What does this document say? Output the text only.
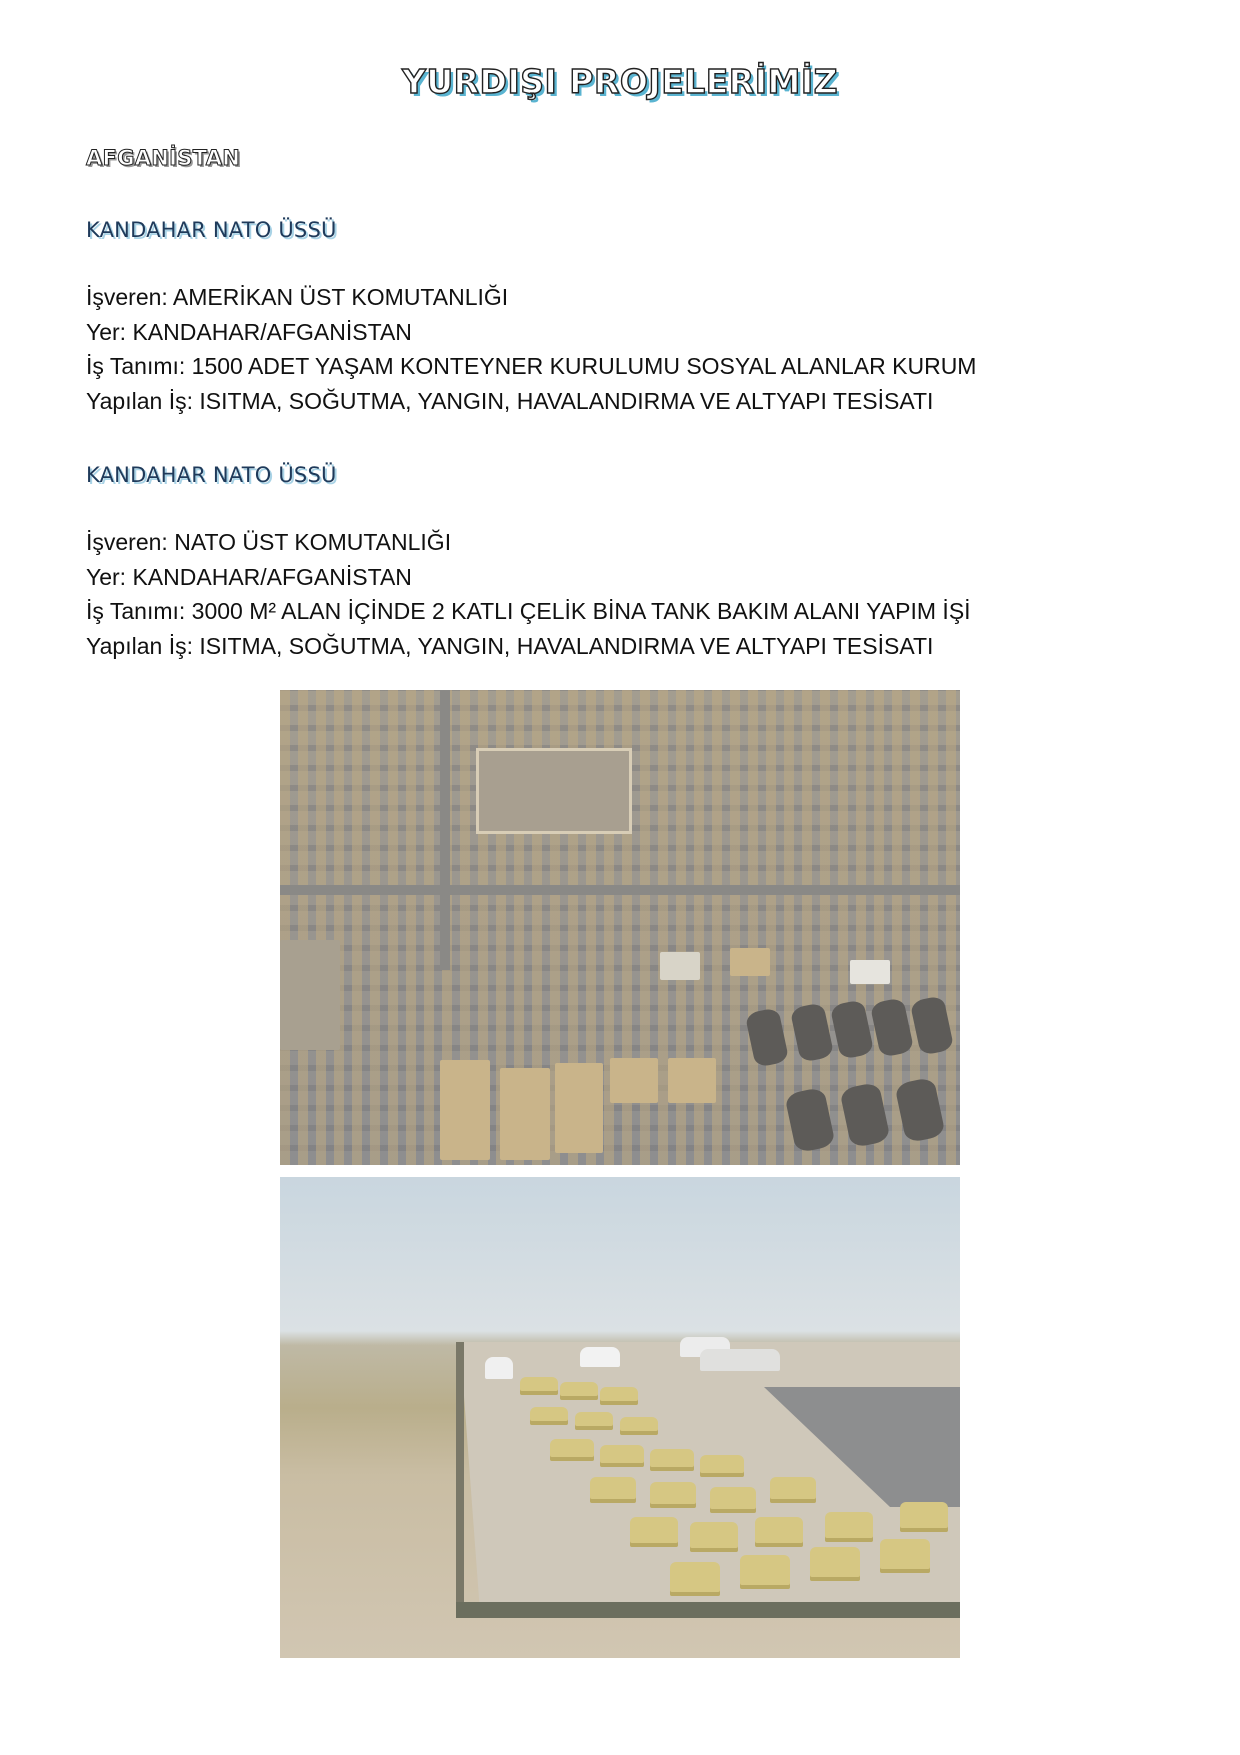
YURDIŞI PROJELERİMİZ
AFGANİSTAN
KANDAHAR NATO ÜSSÜ
İşveren: AMERİKAN ÜST KOMUTANLIĞI
Yer: KANDAHAR/AFGANİSTAN
İş Tanımı: 1500 ADET YAŞAM KONTEYNER KURULUMU SOSYAL ALANLAR KURUM
Yapılan İş: ISITMA, SOĞUTMA, YANGIN, HAVALANDIRMA VE ALTYAPI TESİSATI
KANDAHAR NATO ÜSSÜ
İşveren: NATO ÜST KOMUTANLIĞI
Yer: KANDAHAR/AFGANİSTAN
İş Tanımı: 3000 M² ALAN İÇİNDE 2 KATLI ÇELİK BİNA TANK BAKIM ALANI YAPIM İŞİ
Yapılan İş: ISITMA, SOĞUTMA, YANGIN, HAVALANDIRMA VE ALTYAPI TESİSATI
